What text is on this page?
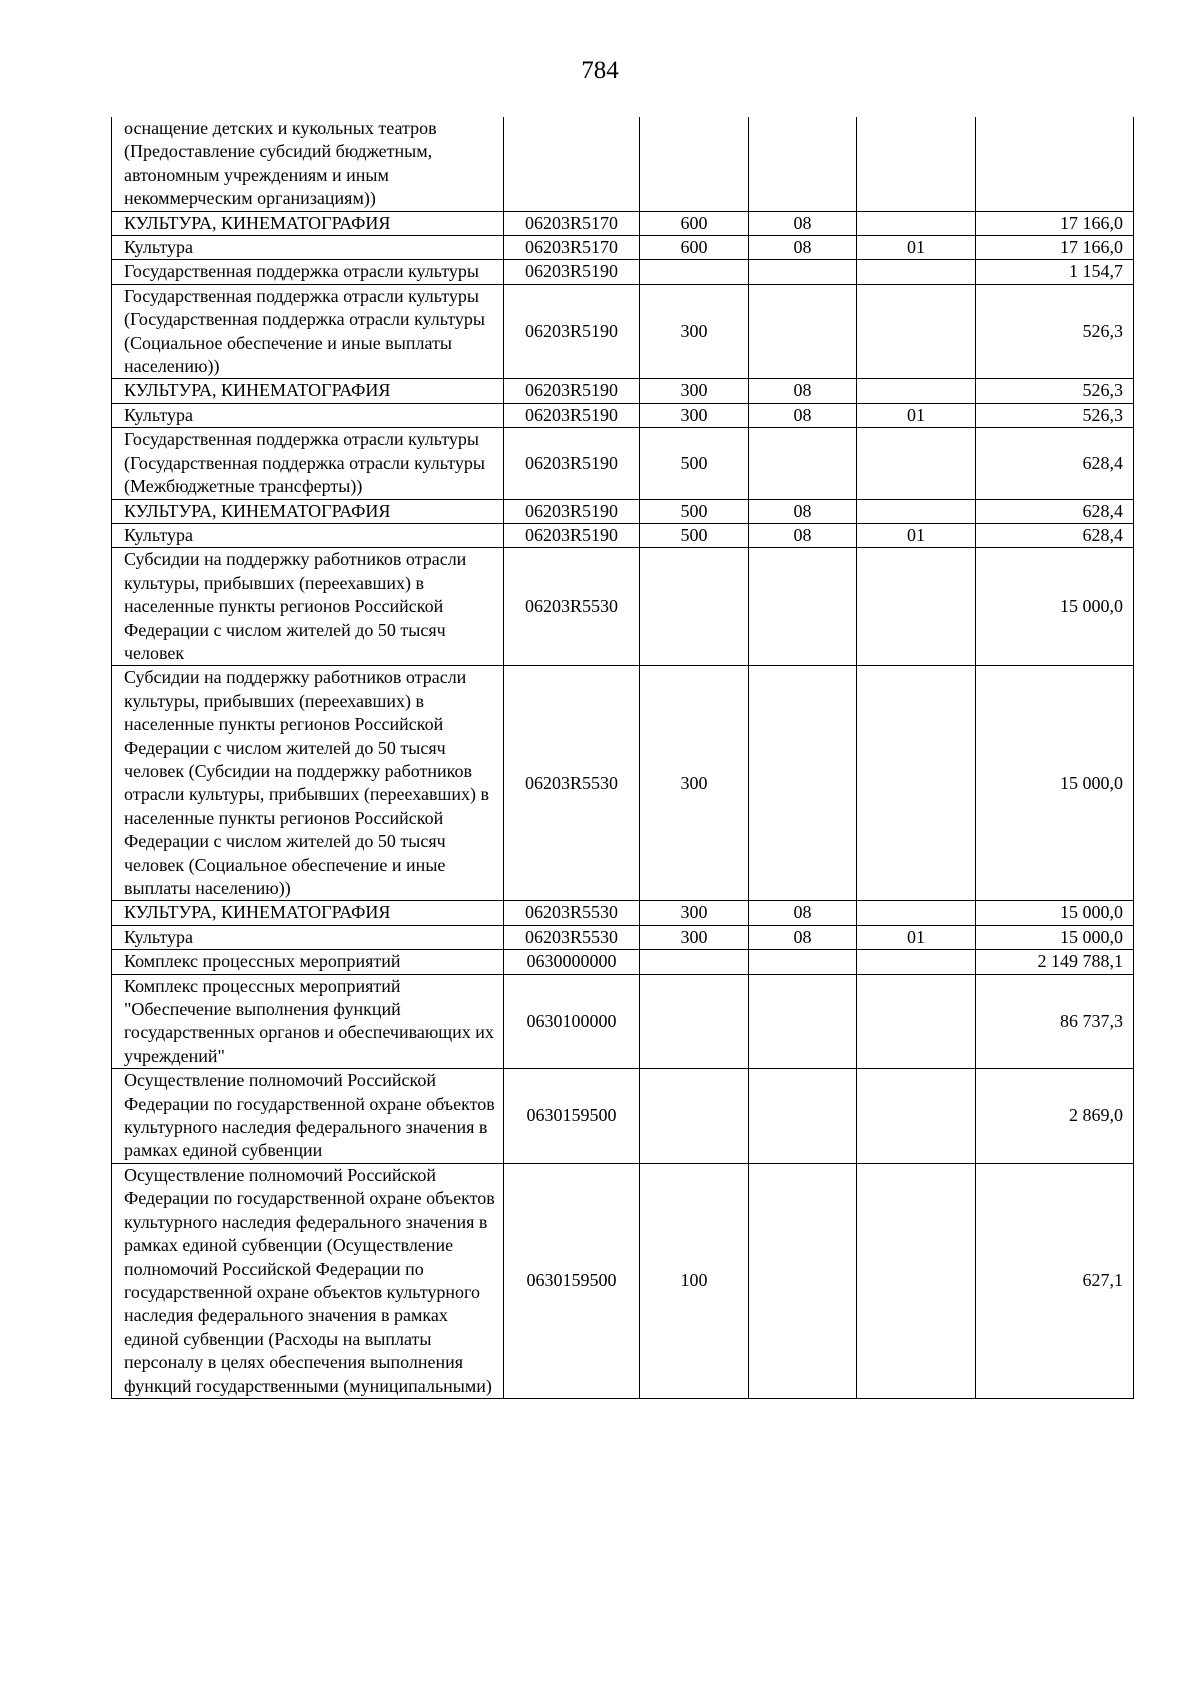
784
оснащение детских и кукольных театров (Предоставление субсидий бюджетным, автономным учреждениям и иным некоммерческим организациям))					
КУЛЬТУРА, КИНЕМАТОГРАФИЯ	06203R5170	600	08		17 166,0
Культура	06203R5170	600	08	01	17 166,0
Государственная поддержка отрасли культуры	06203R5190				1 154,7
Государственная поддержка отрасли культуры (Государственная поддержка отрасли культуры (Социальное обеспечение и иные выплаты населению))	06203R5190	300			526,3
КУЛЬТУРА, КИНЕМАТОГРАФИЯ	06203R5190	300	08		526,3
Культура	06203R5190	300	08	01	526,3
Государственная поддержка отрасли культуры (Государственная поддержка отрасли культуры (Межбюджетные трансферты))	06203R5190	500			628,4
КУЛЬТУРА, КИНЕМАТОГРАФИЯ	06203R5190	500	08		628,4
Культура	06203R5190	500	08	01	628,4
Субсидии на поддержку работников отрасли культуры, прибывших (переехавших) в населенные пункты регионов Российской Федерации с числом жителей до 50 тысяч человек	06203R5530				15 000,0
Субсидии на поддержку работников отрасли культуры, прибывших (переехавших) в населенные пункты регионов Российской Федерации с числом жителей до 50 тысяч человек (Субсидии на поддержку работников отрасли культуры, прибывших (переехавших) в населенные пункты регионов Российской Федерации с числом жителей до 50 тысяч человек (Социальное обеспечение и иные выплаты населению))	06203R5530	300			15 000,0
КУЛЬТУРА, КИНЕМАТОГРАФИЯ	06203R5530	300	08		15 000,0
Культура	06203R5530	300	08	01	15 000,0
Комплекс процессных мероприятий	0630000000				2 149 788,1
Комплекс процессных мероприятий "Обеспечение выполнения функций государственных органов и обеспечивающих их учреждений"	0630100000				86 737,3
Осуществление полномочий Российской Федерации по государственной охране объектов культурного наследия федерального значения в рамках единой субвенции	0630159500				2 869,0
Осуществление полномочий Российской Федерации по государственной охране объектов культурного наследия федерального значения в рамках единой субвенции (Осуществление полномочий Российской Федерации по государственной охране объектов культурного наследия федерального значения в рамках единой субвенции (Расходы на выплаты персоналу в целях обеспечения выполнения функций государственными (муниципальными)	0630159500	100			627,1
